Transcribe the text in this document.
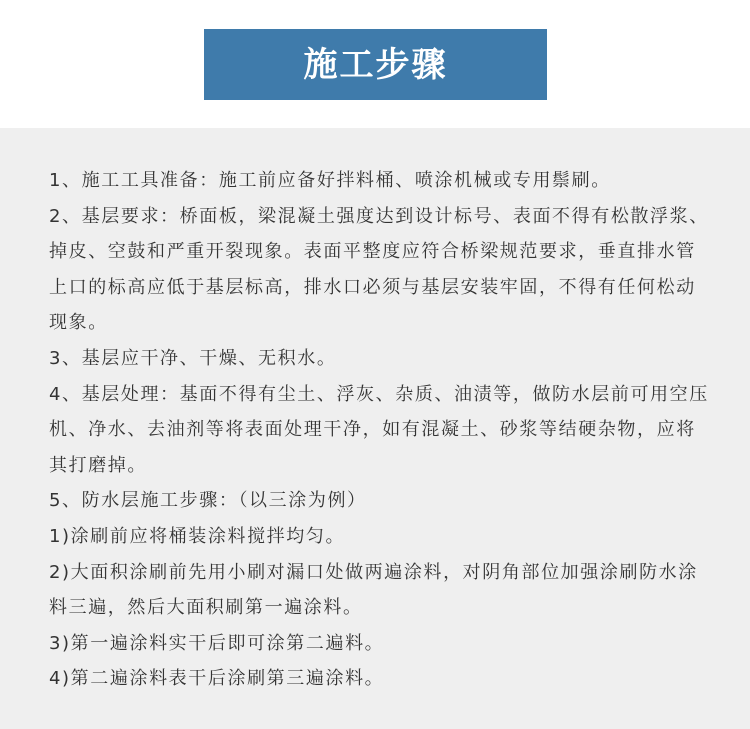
施工步骤
1、施工工具准备：施工前应备好拌料桶、喷涂机械或专用鬃刷。
2、基层要求：桥面板，梁混凝土强度达到设计标号、表面不得有松散浮浆、掉皮、空鼓和严重开裂现象。表面平整度应符合桥梁规范要求，垂直排水管上口的标高应低于基层标高，排水口必须与基层安装牢固，不得有任何松动现象。
3、基层应干净、干燥、无积水。
4、基层处理：基面不得有尘土、浮灰、杂质、油渍等，做防水层前可用空压机、净水、去油剂等将表面处理干净，如有混凝土、砂浆等结硬杂物，应将其打磨掉。
5、防水层施工步骤：（以三涂为例）
1)涂刷前应将桶装涂料搅拌均匀。
2)大面积涂刷前先用小刷对漏口处做两遍涂料，对阴角部位加强涂刷防水涂料三遍，然后大面积刷第一遍涂料。
3)第一遍涂料实干后即可涂第二遍料。
4)第二遍涂料表干后涂刷第三遍涂料。
